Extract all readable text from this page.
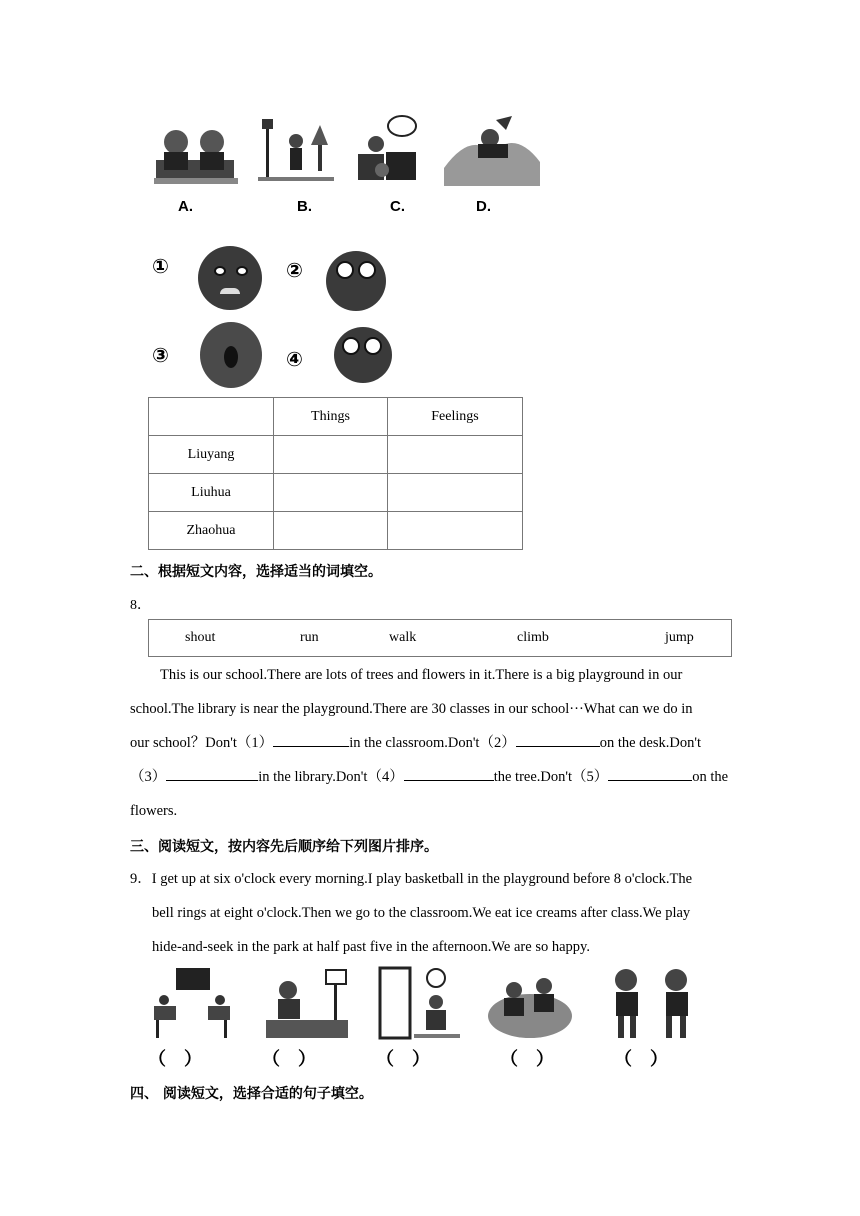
A.	B.	C.	D.
①	②
③	④
	Things	Feelings
Liuyang		
Liuhua		
Zhaohua		
二、根据短文内容，选择适当的词填空。
8．
shout	run	walk	climb	jump
This is our school.There are lots of trees and flowers in it.There is a big playground in our
school.The library is near the playground.There are 30 classes in our school···What can we do in
our school？Don't（1）	in the classroom.Don't（2）	on the desk.Don't
（3）	in the library.Don't（4）	the tree.Don't（5）	on the
flowers.
三、阅读短文，按内容先后顺序给下列图片排序。
9．I get up at six o'clock every morning.I play basketball in the playground before 8 o'clock.The
bell rings at eight o'clock.Then we go to the classroom.We eat ice creams after class.We play
hide-and-seek in the park at half past five in the afternoon.We are so happy.
（　）	（　）	（　）	（　）	（　）
四、 阅读短文，选择合适的句子填空。
